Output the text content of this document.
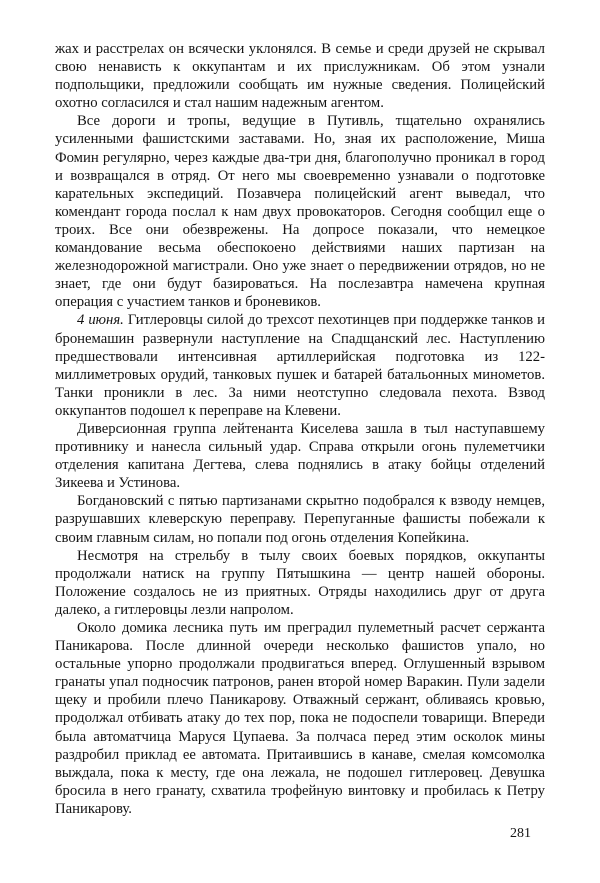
жах и расстрелах он всячески уклонялся. В семье и среди друзей не скрывал свою ненависть к оккупантам и их прислужникам. Об этом узнали подпольщики, предложили сообщать им нужные сведения. Полицейский охотно согласился и стал нашим надежным агентом.

Все дороги и тропы, ведущие в Путивль, тщательно охранялись усиленными фашистскими заставами. Но, зная их расположение, Миша Фомин регулярно, через каждые два-три дня, благополучно проникал в город и возвращался в отряд. От него мы своевременно узнавали о подготовке карательных экспедиций. Позавчера полицейский агент выведал, что комендант города послал к нам двух провокаторов. Сегодня сообщил еще о троих. Все они обезврежены. На допросе показали, что немецкое командование весьма обеспокоено действиями наших партизан на железнодорожной магистрали. Оно уже знает о передвижении отрядов, но не знает, где они будут базироваться. На послезавтра намечена крупная операция с участием танков и броневиков.

4 июня. Гитлеровцы силой до трехсот пехотинцев при поддержке танков и бронемашин развернули наступление на Спадщанский лес. Наступлению предшествовали интенсивная артиллерийская подготовка из 122-миллиметровых орудий, танковых пушек и батарей батальонных минометов. Танки проникли в лес. За ними неотступно следовала пехота. Взвод оккупантов подошел к переправе на Клевени.

Диверсионная группа лейтенанта Киселева зашла в тыл наступавшему противнику и нанесла сильный удар. Справа открыли огонь пулеметчики отделения капитана Дегтева, слева поднялись в атаку бойцы отделений Зикеева и Устинова.

Богдановский с пятью партизанами скрытно подобрался к взводу немцев, разрушавших клеверскую переправу. Перепуганные фашисты побежали к своим главным силам, но попали под огонь отделения Копейкина.

Несмотря на стрельбу в тылу своих боевых порядков, оккупанты продолжали натиск на группу Пятышкина — центр нашей обороны. Положение создалось не из приятных. Отряды находились друг от друга далеко, а гитлеровцы лезли напролом.

Около домика лесника путь им преградил пулеметный расчет сержанта Паникарова. После длинной очереди несколько фашистов упало, но остальные упорно продолжали продвигаться вперед. Оглушенный взрывом гранаты упал подносчик патронов, ранен второй номер Варакин. Пули задели щеку и пробили плечо Паникарову. Отважный сержант, обливаясь кровью, продолжал отбивать атаку до тех пор, пока не подоспели товарищи. Впереди была автоматчица Маруся Цупаева. За полчаса перед этим осколок мины раздробил приклад ее автомата. Притаившись в канаве, смелая комсомолка выждала, пока к месту, где она лежала, не подошел гитлеровец. Девушка бросила в него гранату, схватила трофейную винтовку и пробилась к Петру Паникарову.

281
